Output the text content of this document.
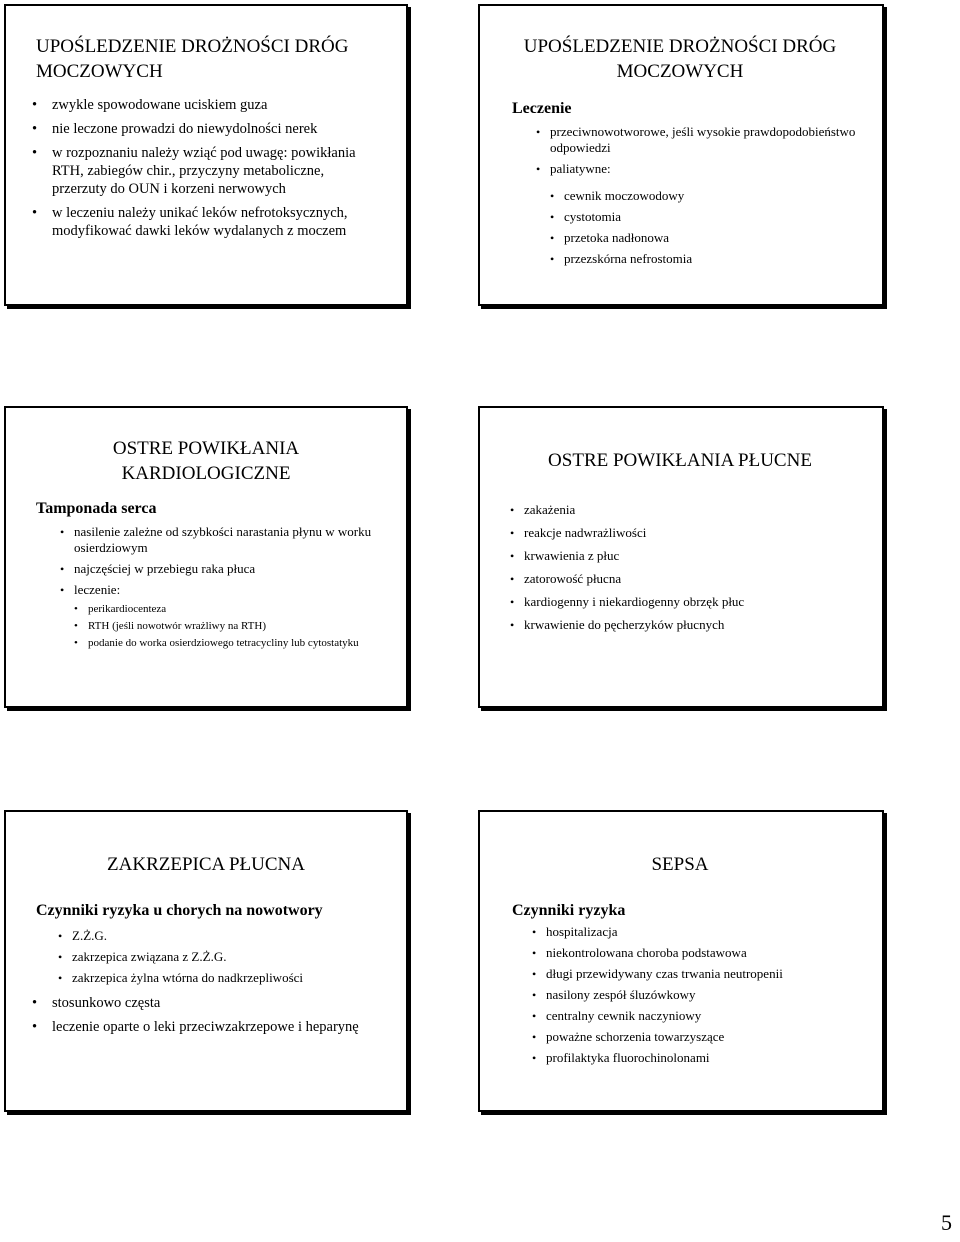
UPOŚLEDZENIE DROŻNOŚCI DRÓG MOCZOWYCH
• zwykle spowodowane uciskiem guza
• nie leczone prowadzi do niewydolności nerek
• w rozpoznaniu należy wziąć pod uwagę: powikłania RTH, zabiegów chir., przyczyny metaboliczne, przerzuty do OUN i korzeni nerwowych
• w leczeniu należy unikać leków nefrotoksycznych, modyfikować dawki leków wydalanych z moczem
UPOŚLEDZENIE DROŻNOŚCI DRÓG MOCZOWYCH
Leczenie
• przeciwnowotworowe, jeśli wysokie prawdopodobieństwo odpowiedzi
• paliatywne:
• cewnik moczowodowy
• cystotomia
• przetoka nadłonowa
• przezskórna nefrostomia
OSTRE POWIKŁANIA KARDIOLOGICZNE
Tamponada serca
• nasilenie zależne od szybkości narastania płynu w worku osierdziowym
• najczęściej w przebiegu raka płuca
• leczenie:
• perikardiocenteza
• RTH (jeśli nowotwór wrażliwy na RTH)
• podanie do worka osierdziowego tetracycliny lub cytostatyku
OSTRE POWIKŁANIA PŁUCNE
• zakażenia
• reakcje nadwrażliwości
• krwawienia z płuc
• zatorowość płucna
• kardiogenny i niekardiogenny obrzęk płuc
• krwawienie do pęcherzyków płucnych
ZAKRZEPICA PŁUCNA
Czynniki ryzyka u chorych na nowotwory
• Z.Ż.G.
• zakrzepica związana z Z.Ż.G.
• zakrzepica żylna wtórna do nadkrzepliwości
• stosunkowo częsta
• leczenie oparte o leki przeciwzakrzepowe i heparynę
SEPSA
Czynniki ryzyka
• hospitalizacja
• niekontrolowana choroba podstawowa
• długi przewidywany czas trwania neutropenii
• nasilony zespół śluzówkowy
• centralny cewnik naczyniowy
• poważne schorzenia towarzyszące
• profilaktyka fluorochinolonami
5
